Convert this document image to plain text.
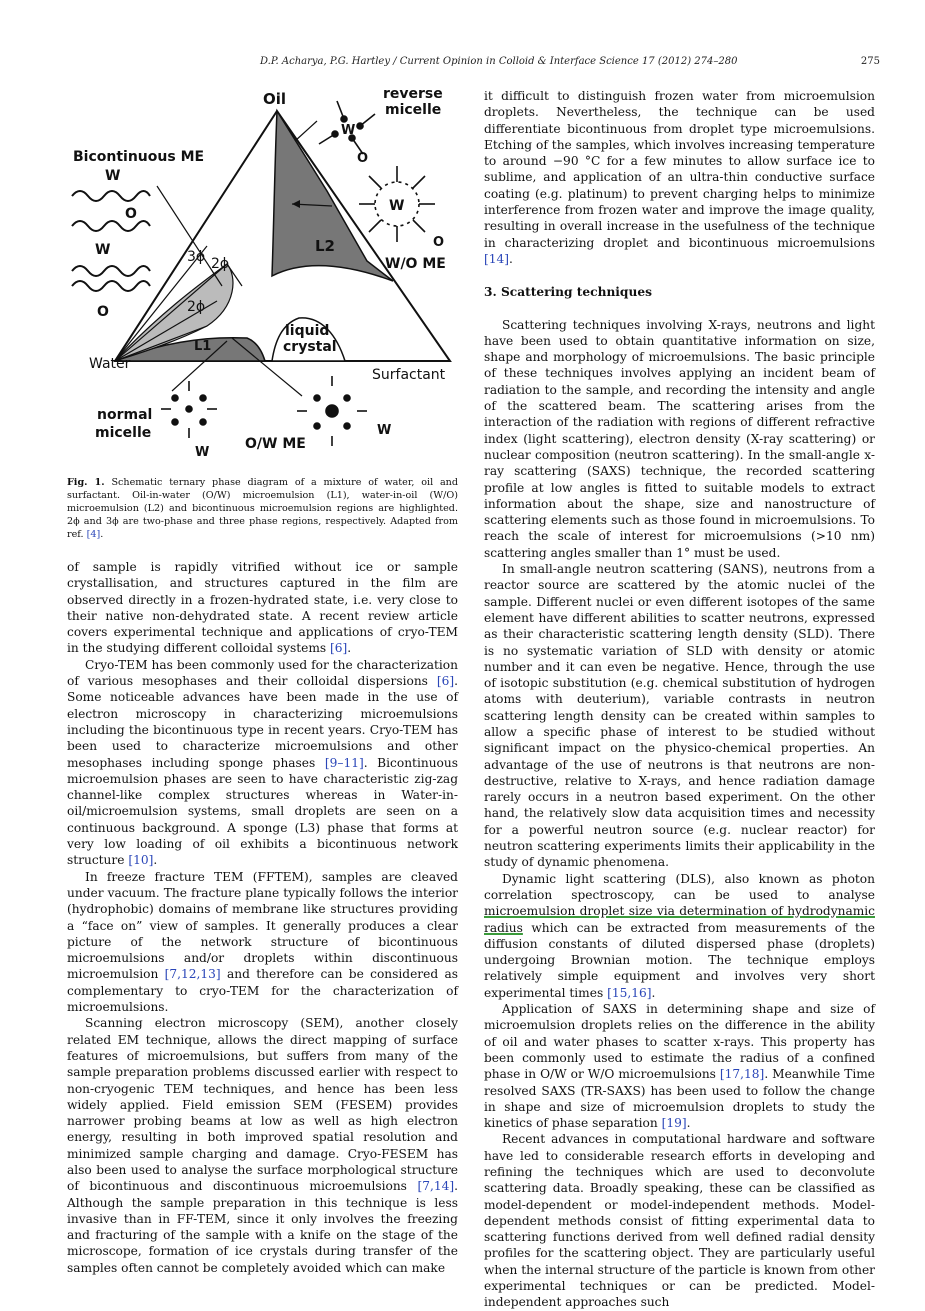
D.P. Acharya, P.G. Hartley / Current Opinion in Colloid & Interface Science 17 (2012) 274–280	275
Oil	reverse
micelle
Bicontinuous ME
W
O
W
O
W
O
W
O
3ϕ 2ϕ
2ϕ
L2
W/O ME
liquid
crystal
Water
L1
Surfactant
normal
micelle
W
O
W
O/W ME
Fig. 1. Schematic ternary phase diagram of a mixture of water, oil and surfactant. Oil-in-water (O/W) microemulsion (L1), water-in-oil (W/O) microemulsion (L2) and bicontinuous microemulsion regions are highlighted. 2ϕ and 3ϕ are two-phase and three phase regions, respectively. Adapted from ref. [4].

of sample is rapidly vitrified without ice or sample crystallisation, and structures captured in the film are observed directly in a frozen-hydrated state, i.e. very close to their native non-dehydrated state. A recent review article covers experimental technique and applications of cryo-TEM in the studying different colloidal systems [6].

Cryo-TEM has been commonly used for the characterization of various mesophases and their colloidal dispersions [6]. Some noticeable advances have been made in the use of electron microscopy in characterizing microemulsions including the bicontinuous type in recent years. Cryo-TEM has been used to characterize microemulsions and other mesophases including sponge phases [9–11]. Bicontinuous microemulsion phases are seen to have characteristic zig-zag channel-like complex structures whereas in Water-in-oil/microemulsion systems, small droplets are seen on a continuous background. A sponge (L3) phase that forms at very low loading of oil exhibits a bicontinuous network structure [10].

In freeze fracture TEM (FFTEM), samples are cleaved under vacuum. The fracture plane typically follows the interior (hydrophobic) domains of membrane like structures providing a “face on” view of samples. It generally produces a clear picture of the network structure of bicontinuous microemulsions and/or droplets within discontinuous microemulsion [7,12,13] and therefore can be considered as complementary to cryo-TEM for the characterization of microemulsions.

Scanning electron microscopy (SEM), another closely related EM technique, allows the direct mapping of surface features of microemulsions, but suffers from many of the sample preparation problems discussed earlier with respect to non-cryogenic TEM techniques, and hence has been less widely applied. Field emission SEM (FESEM) provides narrower probing beams at low as well as high electron energy, resulting in both improved spatial resolution and minimized sample charging and damage. Cryo-FESEM has also been used to analyse the surface morphological structure of bicontinuous and discontinuous microemulsions [7,14]. Although the sample preparation in this technique is less invasive than in FF-TEM, since it only involves the freezing and fracturing of the sample with a knife on the stage of the microscope, formation of ice crystals during transfer of the samples often cannot be completely avoided which can make

it difficult to distinguish frozen water from microemulsion droplets. Nevertheless, the technique can be used differentiate bicontinuous from droplet type microemulsions. Etching of the samples, which involves increasing temperature to around −90 °C for a few minutes to allow surface ice to sublime, and application of an ultra-thin conductive surface coating (e.g. platinum) to prevent charging helps to minimize interference from frozen water and improve the image quality, resulting in overall increase in the usefulness of the technique in characterizing droplet and bicontinuous microemulsions [14].

3. Scattering techniques

Scattering techniques involving X-rays, neutrons and light have been used to obtain quantitative information on size, shape and morphology of microemulsions. The basic principle of these techniques involves applying an incident beam of radiation to the sample, and recording the intensity and angle of the scattered beam. The scattering arises from the interaction of the radiation with regions of different refractive index (light scattering), electron density (X-ray scattering) or nuclear composition (neutron scattering). In the small-angle x-ray scattering (SAXS) technique, the recorded scattering profile at low angles is fitted to suitable models to extract information about the shape, size and nanostructure of scattering elements such as those found in microemulsions. To reach the scale of interest for microemulsions (>10 nm) scattering angles smaller than 1° must be used.

In small-angle neutron scattering (SANS), neutrons from a reactor source are scattered by the atomic nuclei of the sample. Different nuclei or even different isotopes of the same element have different abilities to scatter neutrons, expressed as their characteristic scattering length density (SLD). There is no systematic variation of SLD with density or atomic number and it can even be negative. Hence, through the use of isotopic substitution (e.g. chemical substitution of hydrogen atoms with deuterium), variable contrasts in neutron scattering length density can be created within samples to allow a specific phase of interest to be studied without significant impact on the physico-chemical properties. An advantage of the use of neutrons is that neutrons are non-destructive, relative to X-rays, and hence radiation damage rarely occurs in a neutron based experiment. On the other hand, the relatively slow data acquisition times and necessity for a powerful neutron source (e.g. nuclear reactor) for neutron scattering experiments limits their applicability in the study of dynamic phenomena.

Dynamic light scattering (DLS), also known as photon correlation spectroscopy, can be used to analyse microemulsion droplet size via determination of hydrodynamic radius which can be extracted from measurements of the diffusion constants of diluted dispersed phase (droplets) undergoing Brownian motion. The technique employs relatively simple equipment and involves very short experimental times [15,16].

Application of SAXS in determining shape and size of microemulsion droplets relies on the difference in the ability of oil and water phases to scatter x-rays. This property has been commonly used to estimate the radius of a confined phase in O/W or W/O microemulsions [17,18]. Meanwhile Time resolved SAXS (TR-SAXS) has been used to follow the change in shape and size of microemulsion droplets to study the kinetics of phase separation [19].

Recent advances in computational hardware and software have led to considerable research efforts in developing and refining the techniques which are used to deconvolute scattering data. Broadly speaking, these can be classified as model-dependent or model-independent methods. Model-dependent methods consist of fitting experimental data to scattering functions derived from well defined radial density profiles for the scattering object. They are particularly useful when the internal structure of the particle is known from other experimental techniques or can be predicted. Model-independent approaches such
